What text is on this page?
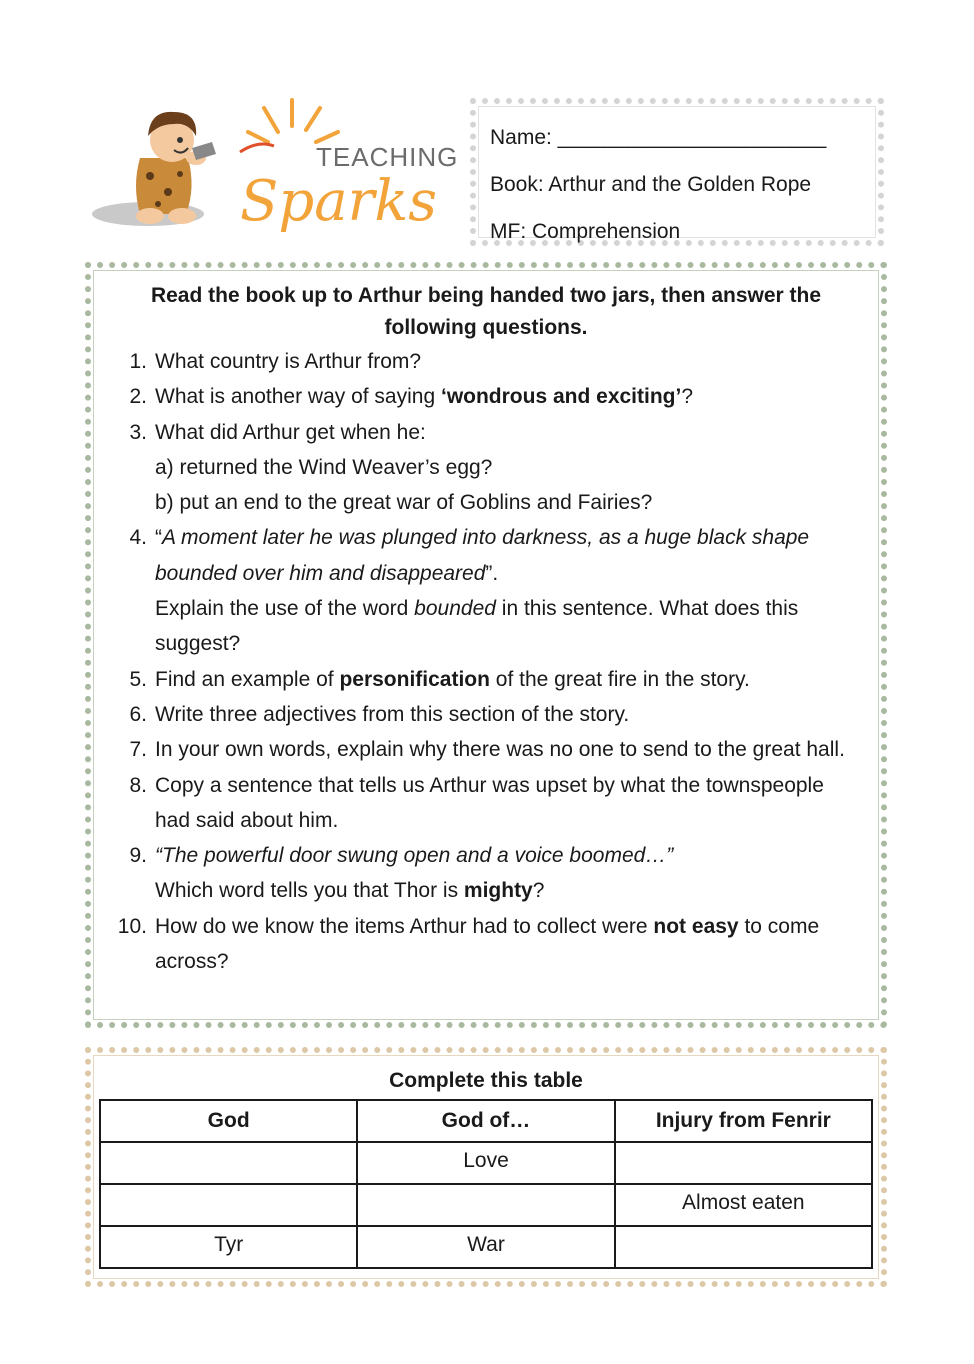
TEACHING
Sparks
Name: _______________________
Book: Arthur and the Golden Rope
MF: Comprehension
Read the book up to Arthur being handed two jars, then answer the following questions.
1. What country is Arthur from?
2. What is another way of saying ‘wondrous and exciting’?
3. What did Arthur get when he:
a) returned the Wind Weaver’s egg?
b) put an end to the great war of Goblins and Fairies?
4. “A moment later he was plunged into darkness, as a huge black shape bounded over him and disappeared”.
Explain the use of the word bounded in this sentence. What does this suggest?
5. Find an example of personification of the great fire in the story.
6. Write three adjectives from this section of the story.
7. In your own words, explain why there was no one to send to the great hall.
8. Copy a sentence that tells us Arthur was upset by what the townspeople had said about him.
9. “The powerful door swung open and a voice boomed…”
Which word tells you that Thor is mighty?
10. How do we know the items Arthur had to collect were not easy to come across?
Complete this table
God	God of…	Injury from Fenrir
	Love	
		Almost eaten
Tyr	War	
